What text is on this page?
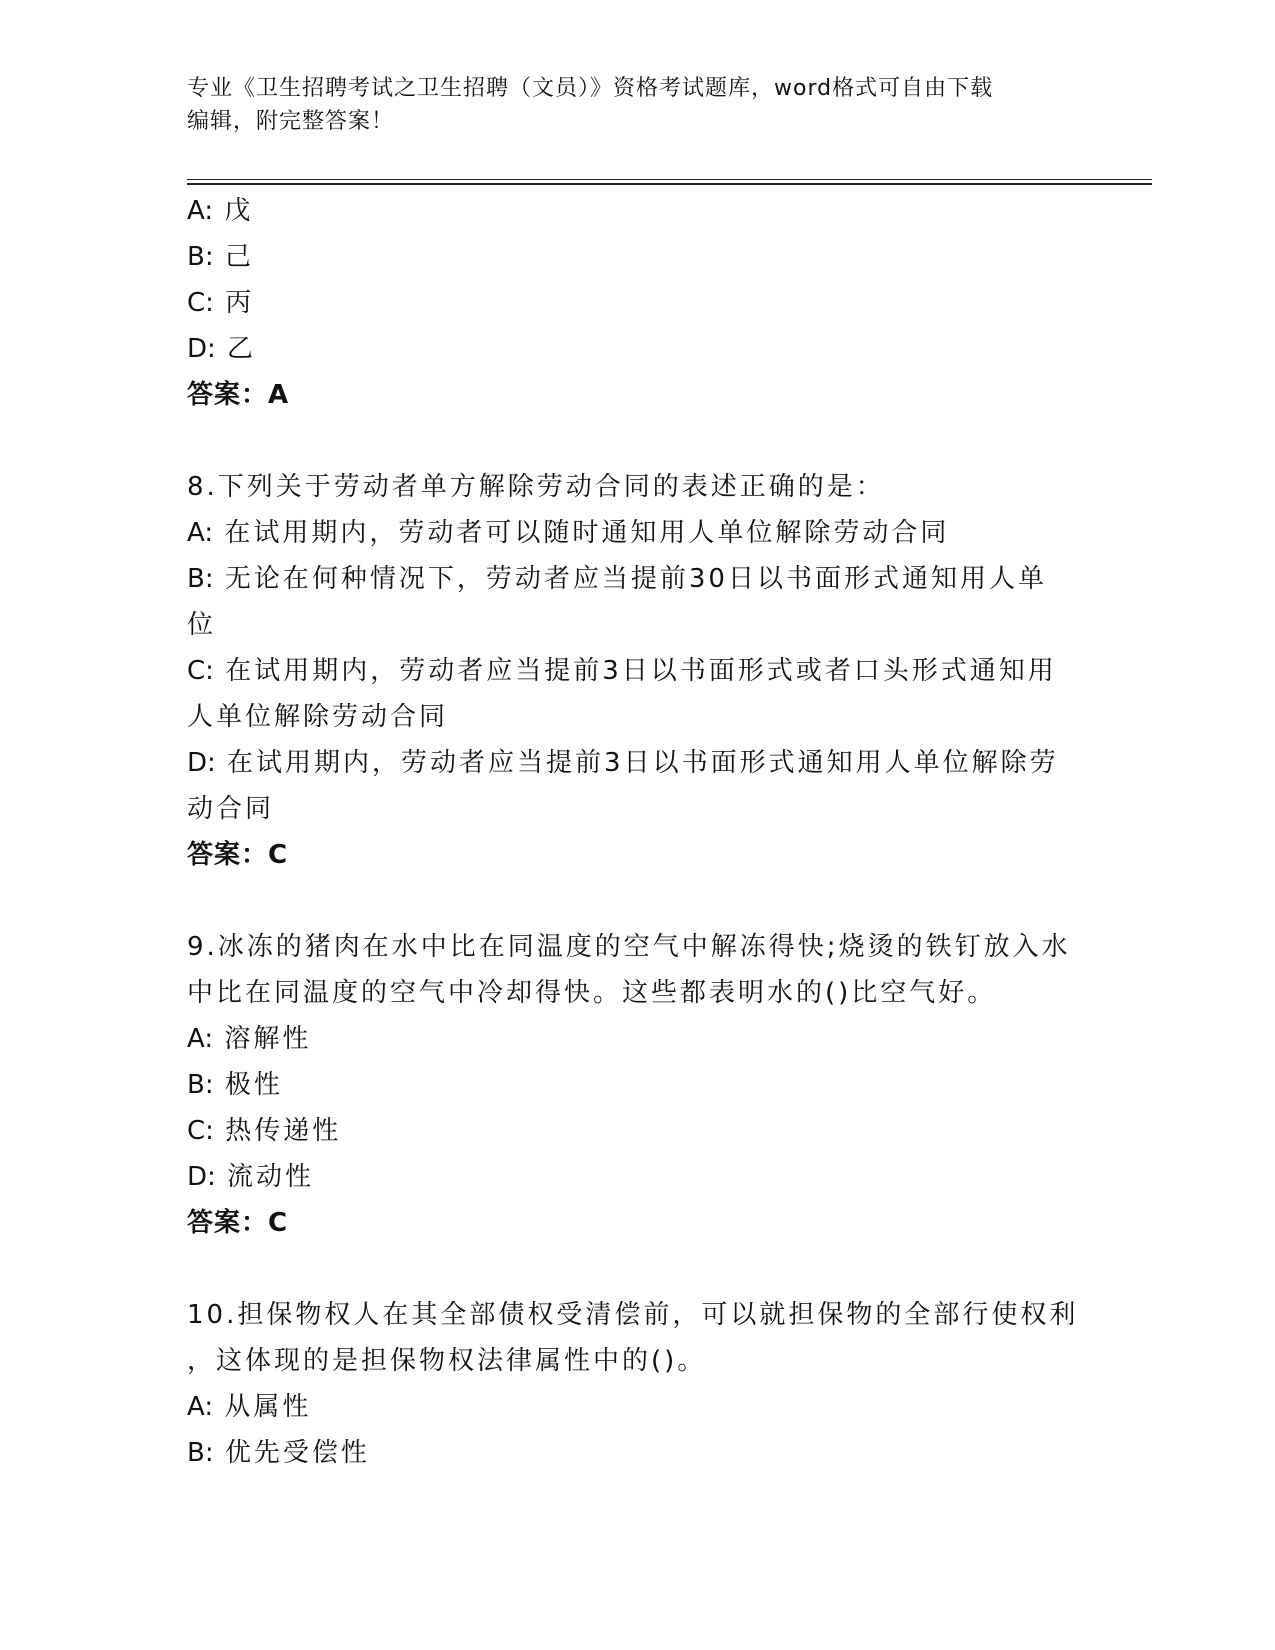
专业《卫生招聘考试之卫生招聘（文员）》资格考试题库，word格式可自由下载
编辑，附完整答案！
A: 戊
B: 己
C: 丙
D: 乙
答案：A
8.下列关于劳动者单方解除劳动合同的表述正确的是：
A: 在试用期内，劳动者可以随时通知用人单位解除劳动合同
B: 无论在何种情况下，劳动者应当提前30日以书面形式通知用人单
位
C: 在试用期内，劳动者应当提前3日以书面形式或者口头形式通知用
人单位解除劳动合同
D: 在试用期内，劳动者应当提前3日以书面形式通知用人单位解除劳
动合同
答案：C
9.冰冻的猪肉在水中比在同温度的空气中解冻得快;烧烫的铁钉放入水
中比在同温度的空气中冷却得快。这些都表明水的()比空气好。
A: 溶解性
B: 极性
C: 热传递性
D: 流动性
答案：C
10.担保物权人在其全部债权受清偿前，可以就担保物的全部行使权利
，这体现的是担保物权法律属性中的()。
A: 从属性
B: 优先受偿性
